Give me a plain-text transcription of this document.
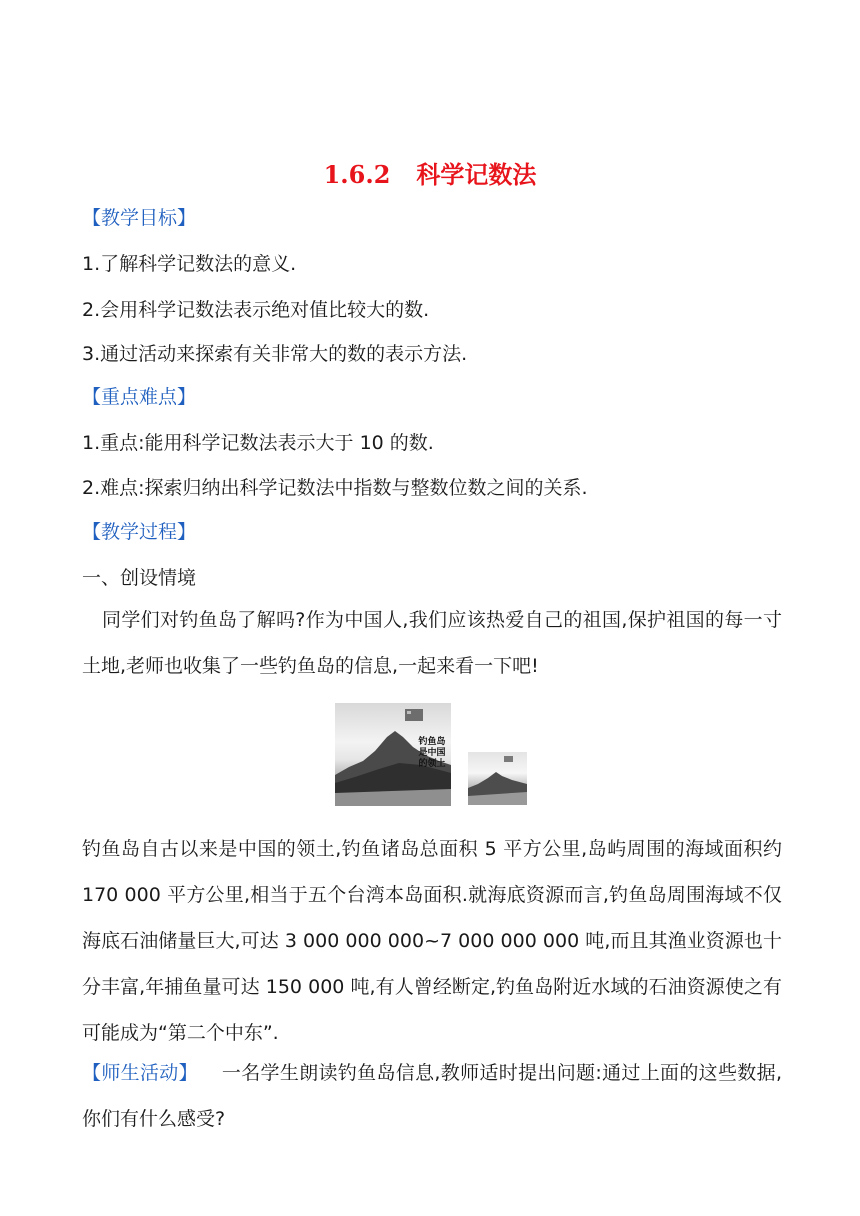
1.6.2 科学记数法
【教学目标】
1.了解科学记数法的意义.
2.会用科学记数法表示绝对值比较大的数.
3.通过活动来探索有关非常大的数的表示方法.
【重点难点】
1.重点:能用科学记数法表示大于 10 的数.
2.难点:探索归纳出科学记数法中指数与整数位数之间的关系.
【教学过程】
一、创设情境
同学们对钓鱼岛了解吗?作为中国人,我们应该热爱自己的祖国,保护祖国的每一寸土地,老师也收集了一些钓鱼岛的信息,一起来看一下吧!
钓鱼岛是中国的领土
钓鱼岛自古以来是中国的领土,钓鱼诸岛总面积 5 平方公里,岛屿周围的海域面积约 170 000 平方公里,相当于五个台湾本岛面积.就海底资源而言,钓鱼岛周围海域不仅海底石油储量巨大,可达 3 000 000 000~7 000 000 000 吨,而且其渔业资源也十分丰富,年捕鱼量可达 150 000 吨,有人曾经断定,钓鱼岛附近水域的石油资源使之有可能成为“第二个中东”.
【师生活动】 一名学生朗读钓鱼岛信息,教师适时提出问题:通过上面的这些数据,你们有什么感受?
